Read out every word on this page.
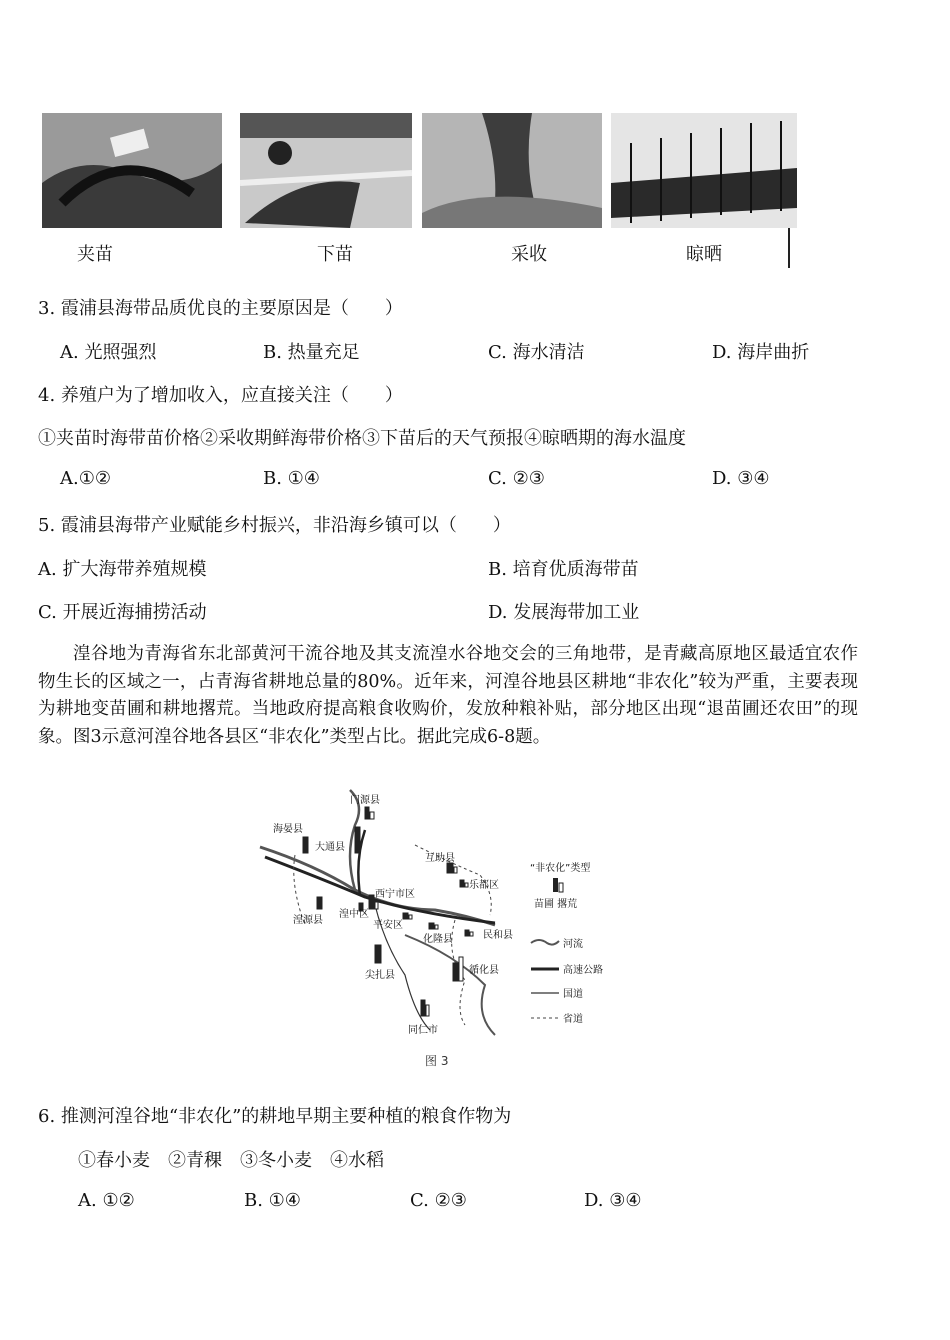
夹苗	下苗	采收	晾晒
3. 霞浦县海带品质优良的主要原因是（　　）
A. 光照强烈	B. 热量充足	C. 海水清洁	D. 海岸曲折
4. 养殖户为了增加收入，应直接关注（　　）
①夹苗时海带苗价格②采收期鲜海带价格③下苗后的天气预报④晾晒期的海水温度
A.①②	B. ①④	C. ②③	D. ③④
5. 霞浦县海带产业赋能乡村振兴，非沿海乡镇可以（　　）
A. 扩大海带养殖规模	B. 培育优质海带苗
C. 开展近海捕捞活动	D. 发展海带加工业
湟谷地为青海省东北部黄河干流谷地及其支流湟水谷地交会的三角地带，是青藏高原地区最适宜农作物生长的区域之一，占青海省耕地总量的80%。近年来，河湟谷地县区耕地“非农化”较为严重，主要表现为耕地变苗圃和耕地撂荒。当地政府提高粮食收购价，发放种粮补贴，部分地区出现“退苗圃还农田”的现象。图3示意河湟谷地各县区“非农化”类型占比。据此完成6-8题。
门源县
海晏县
大通县
互助县
乐都区
西宁市区
湟源县
湟中区
平安区
化隆县	民和县
尖扎县	循化县
同仁市
“非农化”类型
苗圃 撂荒
河流
高速公路
国道
省道
图 3
6. 推测河湟谷地“非农化”的耕地早期主要种植的粮食作物为
①春小麦　②青稞　③冬小麦　④水稻
A. ①②	B. ①④	C. ②③	D. ③④
